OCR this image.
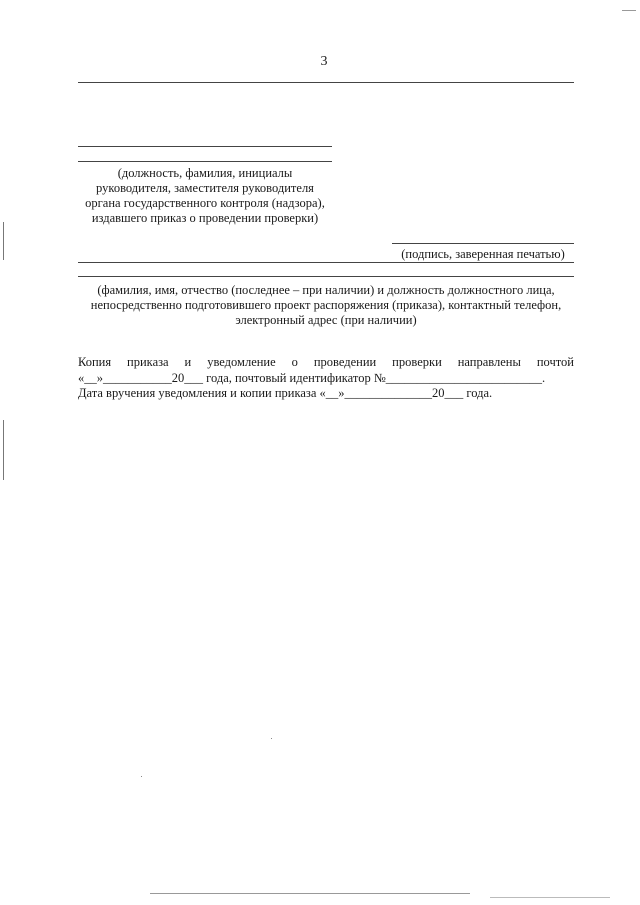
3
(должность, фамилия, инициалы
руководителя, заместителя руководителя
органа государственного контроля (надзора),
издавшего приказ о проведении проверки)
(подпись, заверенная печатью)
(фамилия, имя, отчество (последнее – при наличии) и должность должностного лица,
непосредственно подготовившего проект распоряжения (приказа), контактный телефон,
электронный адрес (при наличии)
Копия приказа и уведомление о проведении проверки направлены почтой
«__»___________20___ года, почтовый идентификатор №_________________________.
Дата вручения уведомления и копии приказа «__»______________20___ года.
